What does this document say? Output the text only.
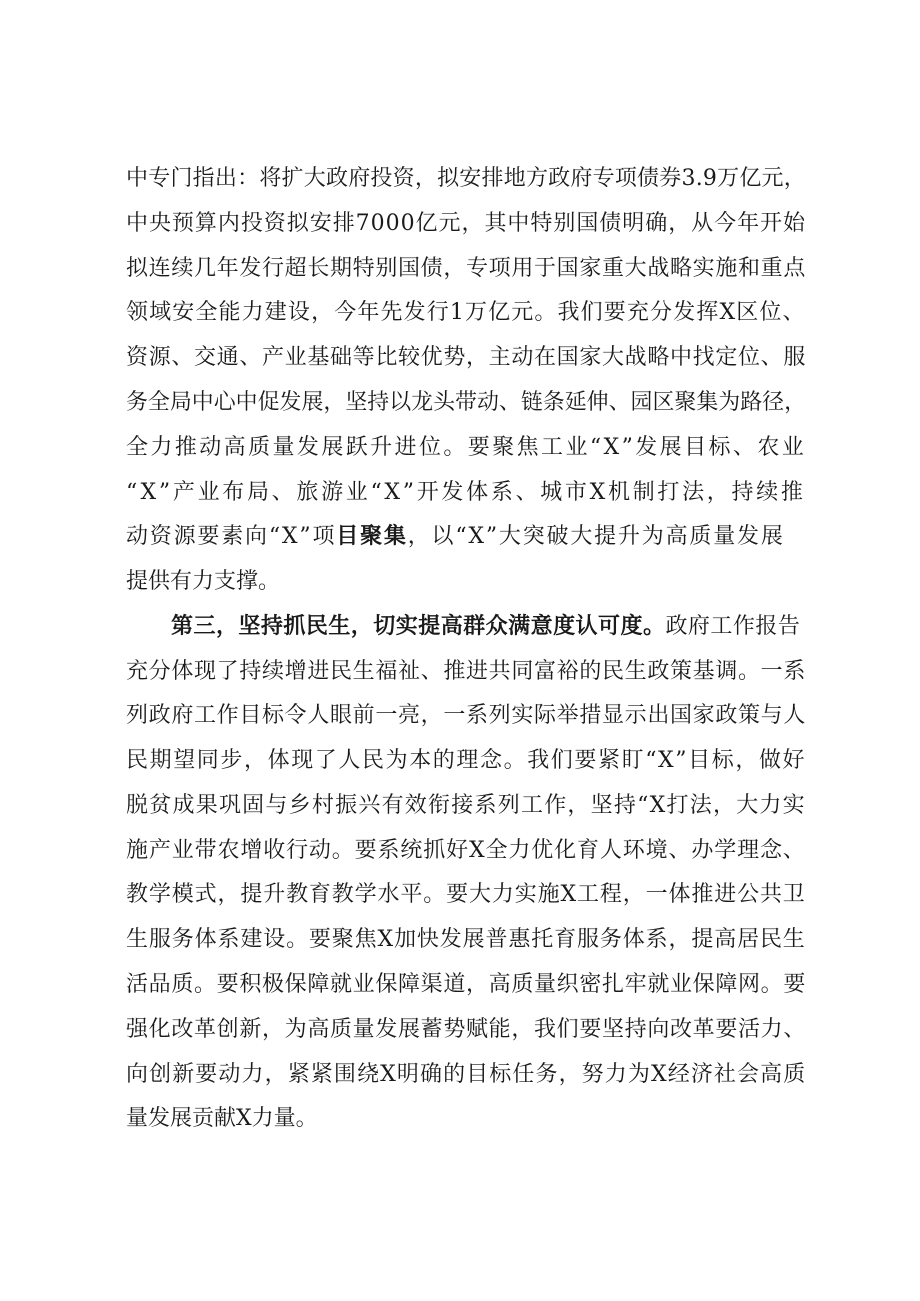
中专门指出：将扩大政府投资，拟安排地方政府专项债券3.9万亿元，
中央预算内投资拟安排7000亿元，其中特别国债明确，从今年开始
拟连续几年发行超长期特别国债，专项用于国家重大战略实施和重点
领域安全能力建设，今年先发行1万亿元。我们要充分发挥X区位、
资源、交通、产业基础等比较优势，主动在国家大战略中找定位、服
务全局中心中促发展，坚持以龙头带动、链条延伸、园区聚集为路径，
全力推动高质量发展跃升进位。要聚焦工业“X”发展目标、农业
“X”产业布局、旅游业“X”开发体系、城市X机制打法，持续推
动资源要素向“X”项目聚集，以“X”大突破大提升为高质量发展
提供有力支撑。
第三，坚持抓民生，切实提高群众满意度认可度。政府工作报告
充分体现了持续增进民生福祉、推进共同富裕的民生政策基调。一系
列政府工作目标令人眼前一亮，一系列实际举措显示出国家政策与人
民期望同步，体现了人民为本的理念。我们要紧盯“X”目标，做好
脱贫成果巩固与乡村振兴有效衔接系列工作，坚持“X打法，大力实
施产业带农增收行动。要系统抓好X全力优化育人环境、办学理念、
教学模式，提升教育教学水平。要大力实施X工程，一体推进公共卫
生服务体系建设。要聚焦X加快发展普惠托育服务体系，提高居民生
活品质。要积极保障就业保障渠道，高质量织密扎牢就业保障网。要
强化改革创新，为高质量发展蓄势赋能，我们要坚持向改革要活力、
向创新要动力，紧紧围绕X明确的目标任务，努力为X经济社会高质
量发展贡献X力量。
